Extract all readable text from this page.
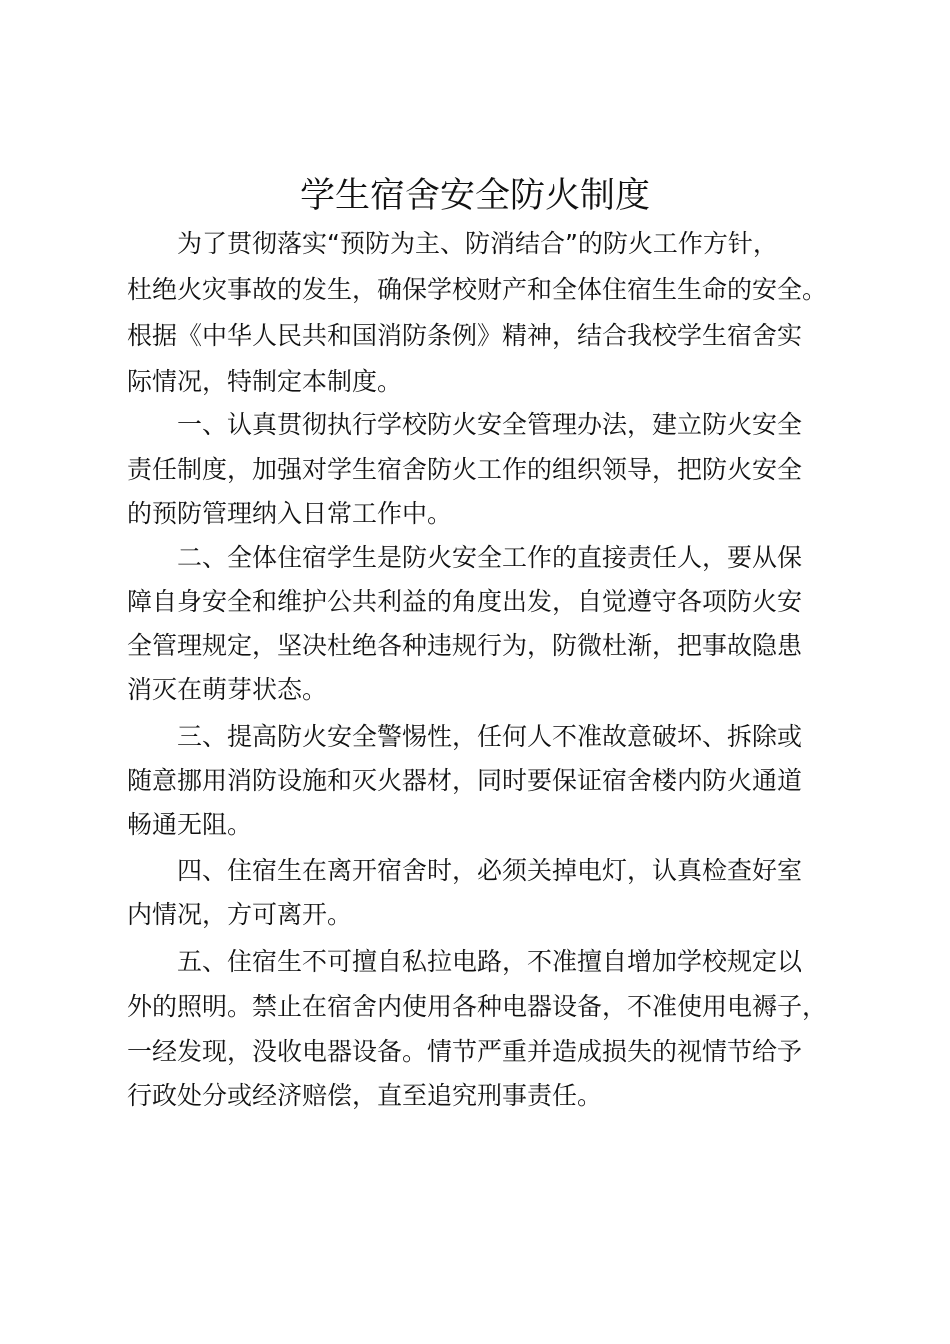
学生宿舍安全防火制度

为了贯彻落实“预防为主、防消结合”的防火工作方针，

杜绝火灾事故的发生，确保学校财产和全体住宿生生命的安全。

根据《中华人民共和国消防条例》精神，结合我校学生宿舍实

际情况，特制定本制度。

一、认真贯彻执行学校防火安全管理办法，建立防火安全

责任制度，加强对学生宿舍防火工作的组织领导，把防火安全

的预防管理纳入日常工作中。

二、全体住宿学生是防火安全工作的直接责任人，要从保

障自身安全和维护公共利益的角度出发，自觉遵守各项防火安

全管理规定，坚决杜绝各种违规行为，防微杜渐，把事故隐患

消灭在萌芽状态。

三、提高防火安全警惕性，任何人不准故意破坏、拆除或

随意挪用消防设施和灭火器材，同时要保证宿舍楼内防火通道

畅通无阻。

四、住宿生在离开宿舍时，必须关掉电灯，认真检查好室

内情况，方可离开。

五、住宿生不可擅自私拉电路，不准擅自增加学校规定以

外的照明。禁止在宿舍内使用各种电器设备，不准使用电褥子，

一经发现，没收电器设备。情节严重并造成损失的视情节给予

行政处分或经济赔偿，直至追究刑事责任。
